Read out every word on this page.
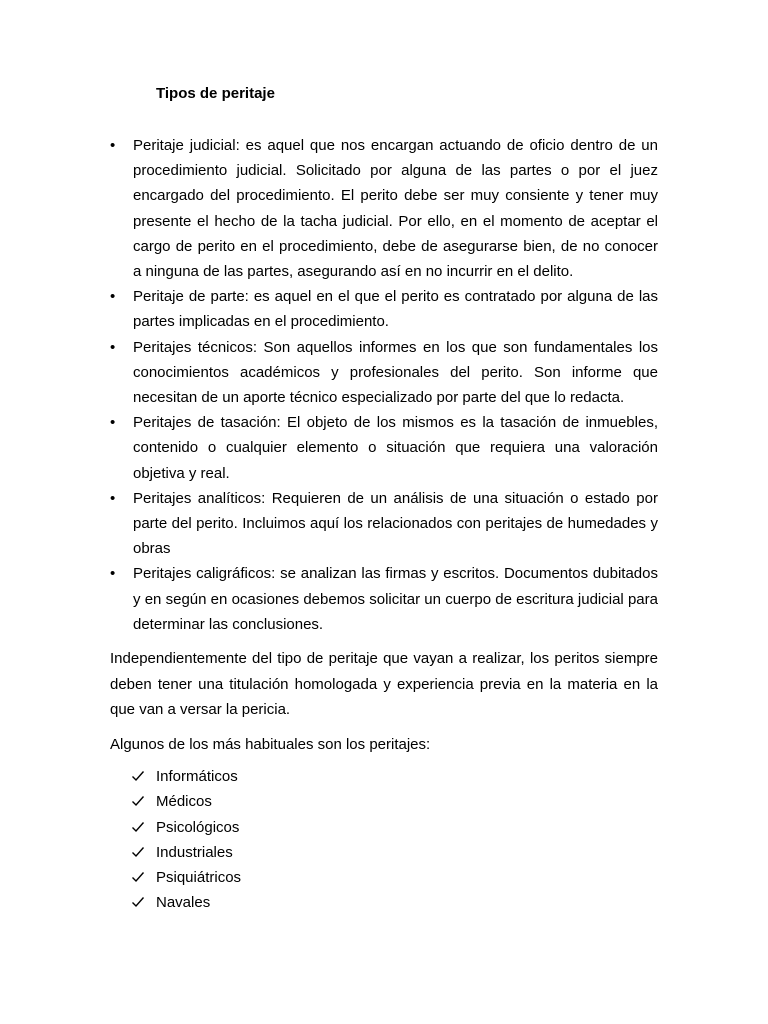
Tipos de peritaje
•	Peritaje judicial: es aquel que nos encargan actuando de oficio dentro de un procedimiento judicial. Solicitado por alguna de las partes o por el juez encargado del procedimiento. El perito debe ser muy consiente y tener muy presente el hecho de la tacha judicial. Por ello, en el momento de aceptar el cargo de perito en el procedimiento, debe de asegurarse bien, de no conocer a ninguna de las partes, asegurando así en no incurrir en el delito.
•	Peritaje de parte: es aquel en el que el perito es contratado por alguna de las partes implicadas en el procedimiento.
•	Peritajes técnicos: Son aquellos informes en los que son fundamentales los conocimientos académicos y profesionales del perito. Son informe que necesitan de un aporte técnico especializado por parte del que lo redacta.
•	Peritajes de tasación: El objeto de los mismos es la tasación de inmuebles, contenido o cualquier elemento o situación que requiera una valoración objetiva y real.
•	Peritajes analíticos: Requieren de un análisis de una situación o estado por parte del perito. Incluimos aquí los relacionados con peritajes de humedades y obras
•	Peritajes caligráficos: se analizan las firmas y escritos. Documentos dubitados y en según en ocasiones debemos solicitar un cuerpo de escritura judicial para determinar las conclusiones.

Independientemente del tipo de peritaje que vayan a realizar, los peritos siempre deben tener una titulación homologada y experiencia previa en la materia en la que van a versar la pericia.

Algunos de los más habituales son los peritajes:

Informáticos
Médicos
Psicológicos
Industriales
Psiquiátricos
Navales
